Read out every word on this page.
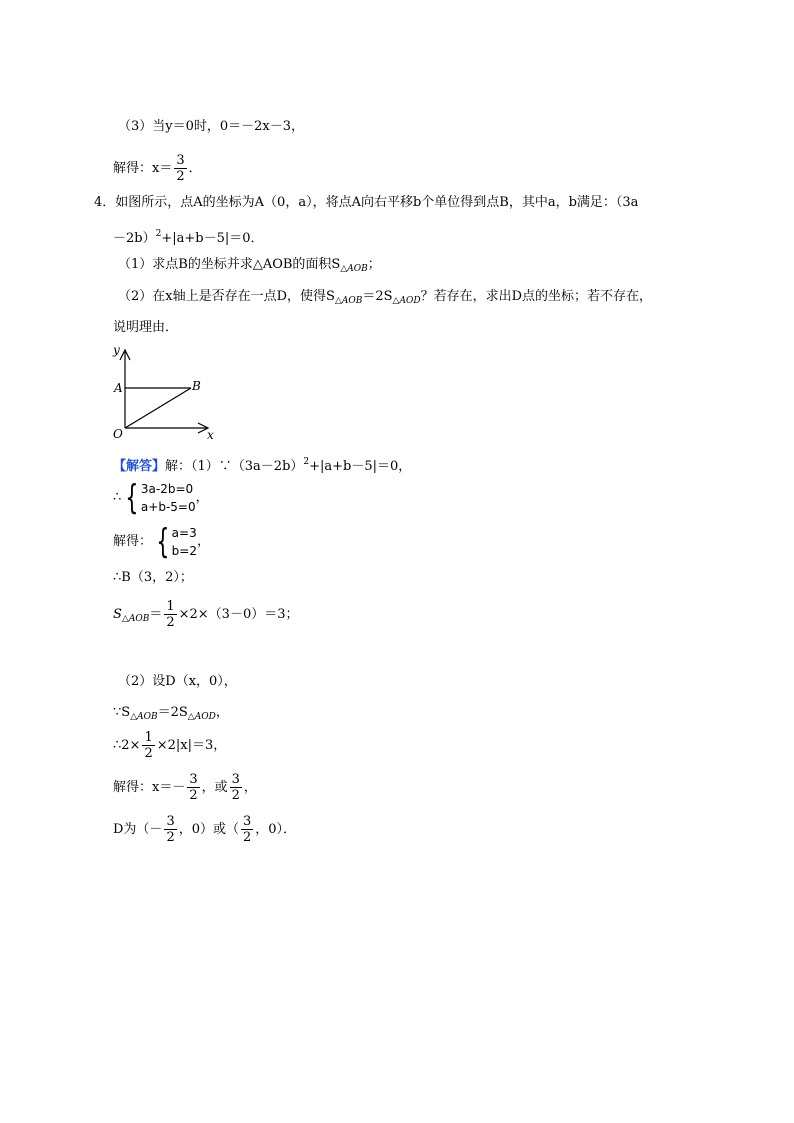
（3）当y＝0时，0＝－2x－3，
解得：$x= \frac{3}{2}$ ．
4．如图所示，点A的坐标为A（0，a），将点A向右平移b个单位得到点B，其中a，b满足：（3a
－2b）$^2$+|a+b－5|＝0．
（1）求点B的坐标并求△AOB的面积$S_{\triangle AOB}$；
（2）在x轴上是否存在一点D，使得$S_{\triangle AOB}=2S_{\triangle AOD}$？若存在，求出D点的坐标；若不存在，
说明理由．
y
x
A	B
O
【解答】解：$(1)\because(3a-2b)^2+|a+b-5|=0$，
∴ { 3a-2b=0
a+b-5=0
，
解得： { a=3
b=2
，
∴B（3，2）；
$S_{\triangle AOB}= \frac{1}{2} \times 2\times(3-0)=3$；
（2）设D（x，0），
$\because S_{\triangle AOB}=2S_{\triangle AOD}$，
∴2× $\frac{1}{2} \times 2|x|=3$，
解得：$x=- \frac{3}{2}$ ，或 $\frac{3}{2}$ ，
D为（－ $\frac{3}{2}$ ，0）或（ $\frac{3}{2}$ ，0）．
